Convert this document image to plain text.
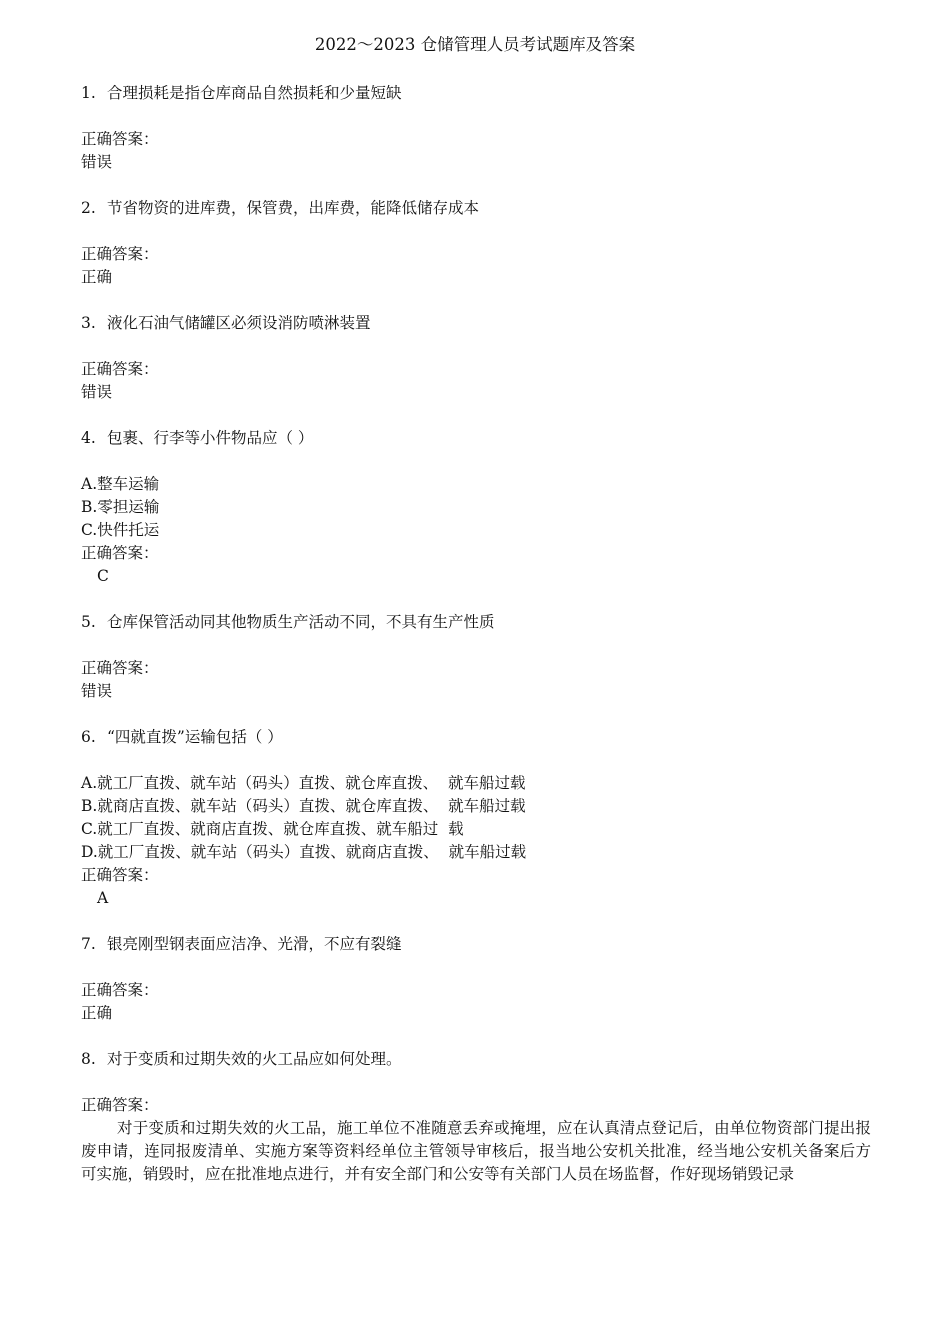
2022～2023 仓储管理人员考试题库及答案
1. 合理损耗是指仓库商品自然损耗和少量短缺
正确答案：
错误
2. 节省物资的进库费，保管费，出库费，能降低储存成本
正确答案：
正确
3. 液化石油气储罐区必须设消防喷淋装置
正确答案：
错误
4. 包裹、行李等小件物品应（ ）
A.整车运输
B.零担运输
C.快件托运
正确答案：
C
5. 仓库保管活动同其他物质生产活动不同，不具有生产性质
正确答案：
错误
6. “四就直拨”运输包括（ ）
A.就工厂直拨、就车站（码头）直拨、就仓库直拨、  就车船过载
B.就商店直拨、就车站（码头）直拨、就仓库直拨、  就车船过载
C.就工厂直拨、就商店直拨、就仓库直拨、就车船过  载
D.就工厂直拨、就车站（码头）直拨、就商店直拨、  就车船过载
正确答案：
A
7. 银亮刚型钢表面应洁净、光滑，不应有裂缝
正确答案：
正确
8. 对于变质和过期失效的火工品应如何处理。
正确答案：
对于变质和过期失效的火工品，施工单位不准随意丢弃或掩埋，应在认真清点登记后，由单位物资部门提出报废申请，连同报废清单、实施方案等资料经单位主管领导审核后，报当地公安机关批准，经当地公安机关备案后方可实施，销毁时，应在批准地点进行，并有安全部门和公安等有关部门人员在场监督，作好现场销毁记录
